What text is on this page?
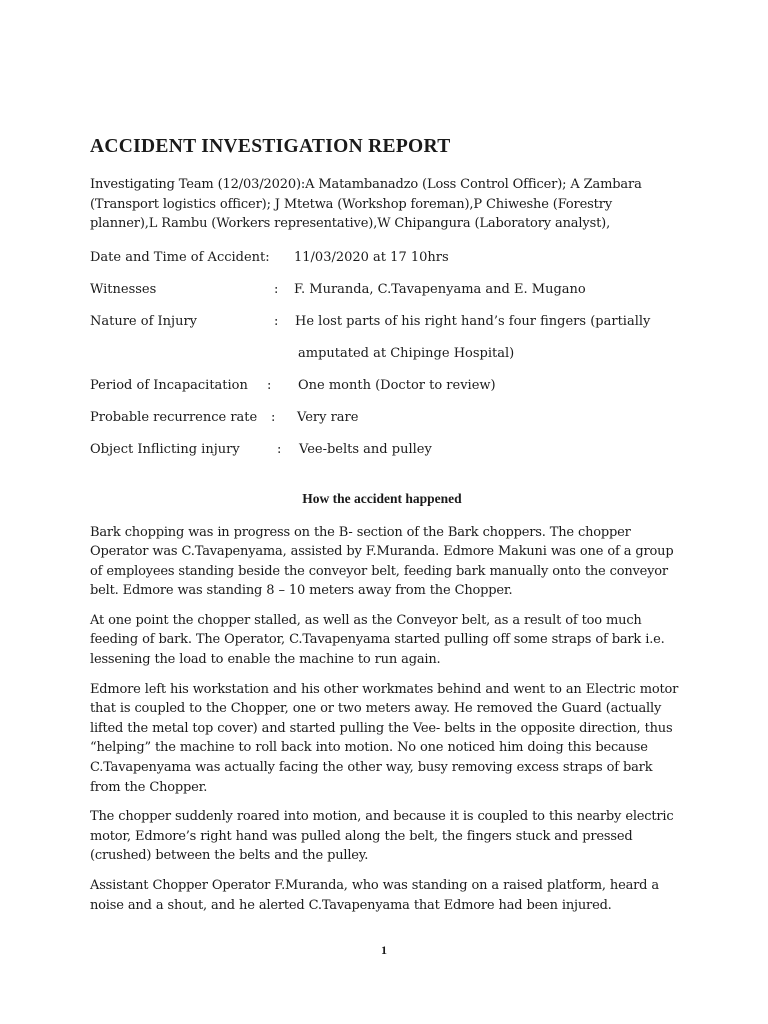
ACCIDENT INVESTIGATION REPORT
Investigating Team (12/03/2020):A Matambanadzo (Loss Control Officer); A Zambara (Transport logistics officer); J Mtetwa (Workshop foreman),P Chiweshe (Forestry planner),L Rambu (Workers representative),W Chipangura (Laboratory analyst),
Date and Time of Accident: 11/03/2020 at 17 10hrs
Witnesses	: F. Muranda, C.Tavapenyama and E. Mugano
Nature of Injury	: He lost parts of his right hand’s four fingers (partially
amputated at Chipinge Hospital)
Period of Incapacitation : One month (Doctor to review)
Probable recurrence rate : Very rare
Object Inflicting injury	: Vee-belts and pulley
How the accident happened

Bark chopping was in progress on the B- section of the Bark choppers. The chopper Operator was C.Tavapenyama, assisted by F.Muranda. Edmore Makuni was one of a group of employees standing beside the conveyor belt, feeding bark manually onto the conveyor belt. Edmore was standing 8 – 10 meters away from the Chopper.

At one point the chopper stalled, as well as the Conveyor belt, as a result of too much feeding of bark. The Operator, C.Tavapenyama started pulling off some straps of bark i.e. lessening the load to enable the machine to run again.

Edmore left his workstation and his other workmates behind and went to an Electric motor that is coupled to the Chopper, one or two meters away. He removed the Guard (actually lifted the metal top cover) and started pulling the Vee- belts in the opposite direction, thus “helping” the machine to roll back into motion. No one noticed him doing this because C.Tavapenyama was actually facing the other way, busy removing excess straps of bark from the Chopper.

The chopper suddenly roared into motion, and because it is coupled to this nearby electric motor, Edmore’s right hand was pulled along the belt, the fingers stuck and pressed (crushed) between the belts and the pulley.

Assistant Chopper Operator F.Muranda, who was standing on a raised platform, heard a noise and a shout, and he alerted C.Tavapenyama that Edmore had been injured.

1
